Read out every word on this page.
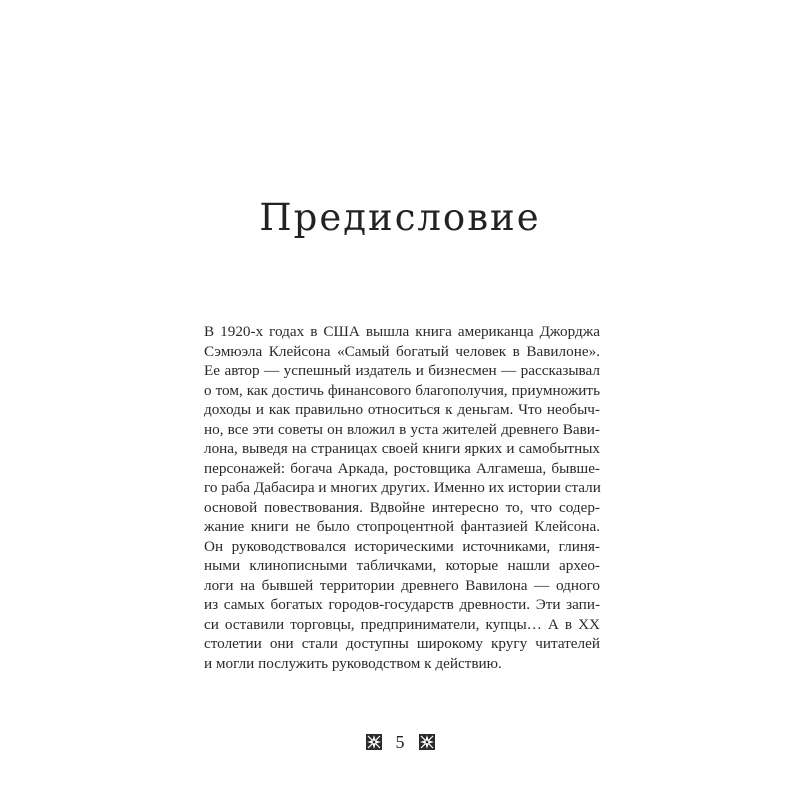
Предисловие
В 1920-х годах в США вышла книга американца Джорджа
Сэмюэла Клейсона «Самый богатый человек в Вавилоне».
Ее автор — успешный издатель и бизнесмен — рассказывал
о том, как достичь финансового благополучия, приумножить
доходы и как правильно относиться к деньгам. Что необыч-
но, все эти советы он вложил в уста жителей древнего Вави-
лона, выведя на страницах своей книги ярких и самобытных
персонажей: богача Аркада, ростовщика Алгамеша, бывше-
го раба Дабасира и многих других. Именно их истории стали
основой повествования. Вдвойне интересно то, что содер-
жание книги не было стопроцентной фантазией Клейсона.
Он руководствовался историческими источниками, глиня-
ными клинописными табличками, которые нашли архео-
логи на бывшей территории древнего Вавилона — одного
из самых богатых городов-государств древности. Эти запи-
си оставили торговцы, предприниматели, купцы… А в XX
столетии они стали доступны широкому кругу читателей
и могли послужить руководством к действию.
5
